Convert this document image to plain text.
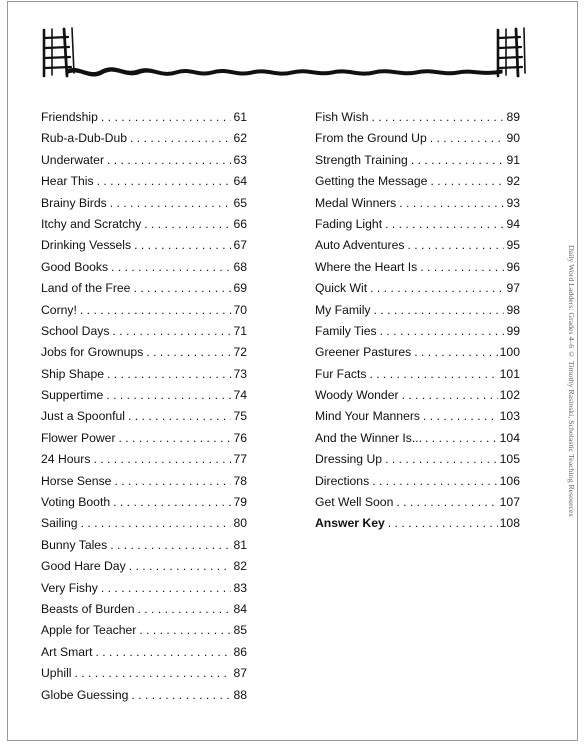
Friendship . . .	61
Rub-a-Dub-Dub . . .	62
Underwater . . .	63
Hear This . . .	64
Brainy Birds . . .	65
Itchy and Scratchy . . .	66
Drinking Vessels . . .	67
Good Books . . .	68
Land of the Free . . .	69
Corny! . . .	70
School Days . . .	71
Jobs for Grownups . . .	72
Ship Shape . . .	73
Suppertime . . .	74
Just a Spoonful . . .	75
Flower Power . . .	76
24 Hours . . .	77
Horse Sense . . .	78
Voting Booth . . .	79
Sailing . . .	80
Bunny Tales . . .	81
Good Hare Day . . .	82
Very Fishy . . .	83
Beasts of Burden . . .	84
Apple for Teacher . . .	85
Art Smart . . .	86
Uphill . . .	87
Globe Guessing . . .	88
Fish Wish . . .	89
From the Ground Up . . .	90
Strength Training . . .	91
Getting the Message . . .	92
Medal Winners . . .	93
Fading Light . . .	94
Auto Adventures . . .	95
Where the Heart Is . . .	96
Quick Wit . . .	97
My Family . . .	98
Family Ties . . .	99
Greener Pastures . . .	100
Fur Facts . . .	101
Woody Wonder . . .	102
Mind Your Manners . . .	103
And the Winner Is... . . .	104
Dressing Up . . .	105
Directions . . .	106
Get Well Soon . . .	107
Answer Key . . .	108
Daily Word Ladders: Grades 4–6 © Timothy Rasinski, Scholastic Teaching Resources
